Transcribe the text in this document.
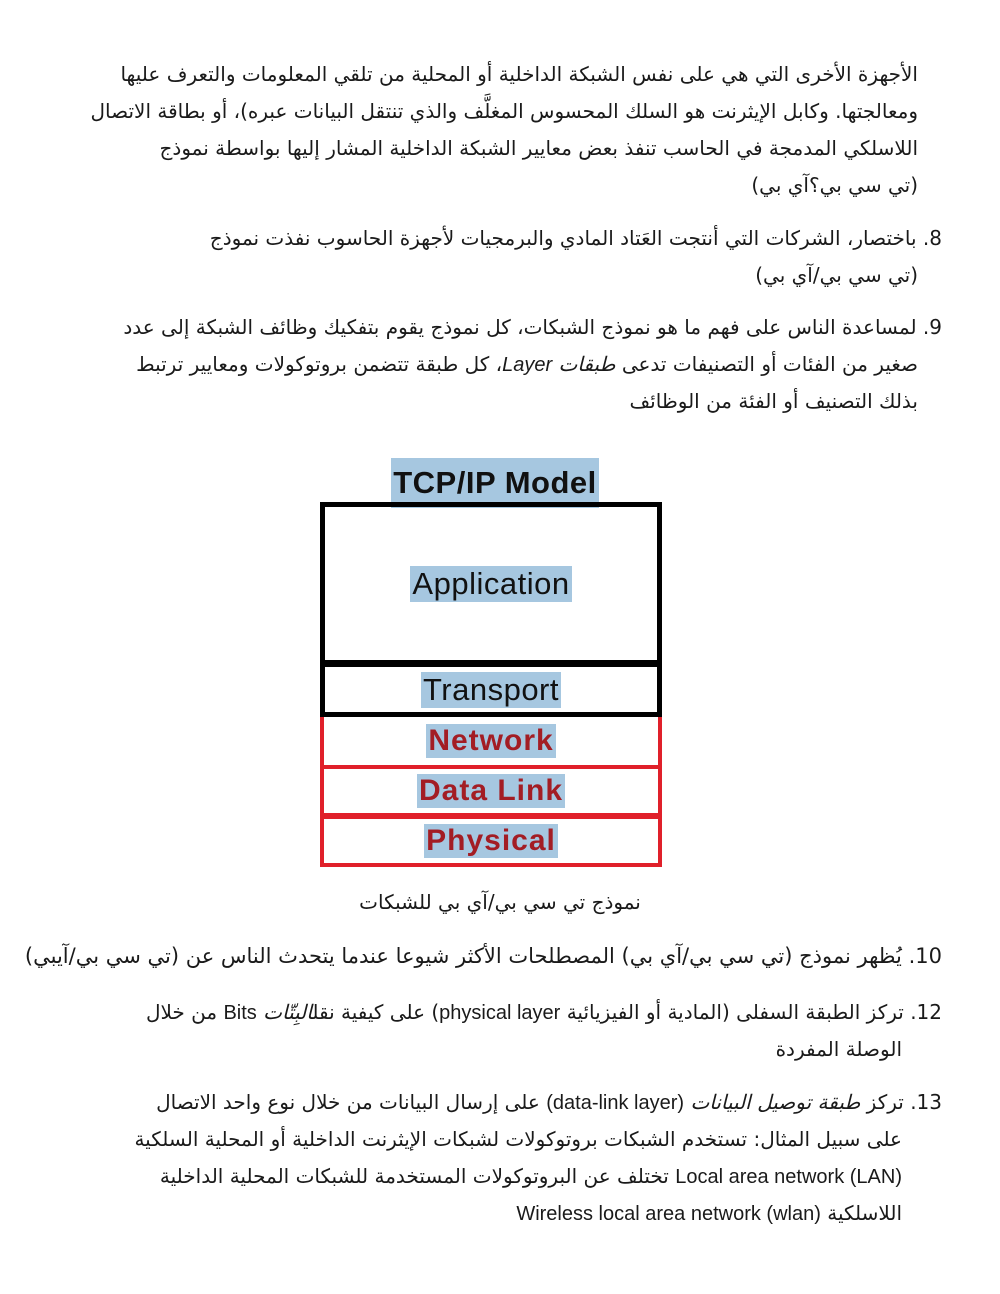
الأجهزة الأخرى التي هي على نفس الشبكة الداخلية أو المحلية من تلقي المعلومات والتعرف عليها
ومعالجتها. وكابل الإيثرنت هو السلك المحسوس المغلَّف والذي تنتقل البيانات عبره)، أو بطاقة الاتصال
اللاسلكي المدمجة في الحاسب تنفذ بعض معايير الشبكة الداخلية المشار إليها بواسطة نموذج
(تي سي بي؟آي بي)
8. باختصار، الشركات التي أنتجت العَتاد المادي والبرمجيات لأجهزة الحاسوب نفذت نموذج
(تي سي بي/آي بي)
9. لمساعدة الناس على فهم ما هو نموذج الشبكات، كل نموذج يقوم بتفكيك وظائف الشبكة إلى عدد
صغير من الفئات أو التصنيفات تدعى طبقات Layer، كل طبقة تتضمن بروتوكولات ومعايير ترتبط
بذلك التصنيف أو الفئة من الوظائف
TCP/IP Model
Application
Transport
Network
Data Link
Physical
نموذج تي سي بي/آي بي للشبكات
10. يُظهر نموذج (تي سي بي/آي بي) المصطلحات الأكثر شيوعا عندما يتحدث الناس عن (تي سي بي/آيبي)
12. تركز الطبقة السفلى (المادية أو الفيزيائية physical layer) على كيفية نقلالبِتّات Bits من خلال
الوصلة المفردة
13. تركز طبقة توصيل البيانات (data-link layer) على إرسال البيانات من خلال نوع واحد الاتصال
على سبيل المثال: تستخدم الشبكات بروتوكولات لشبكات الإيثرنت الداخلية أو المحلية السلكية
Local area network (LAN) تختلف عن البروتوكولات المستخدمة للشبكات المحلية الداخلية
اللاسلكية Wireless local area network (wlan)
